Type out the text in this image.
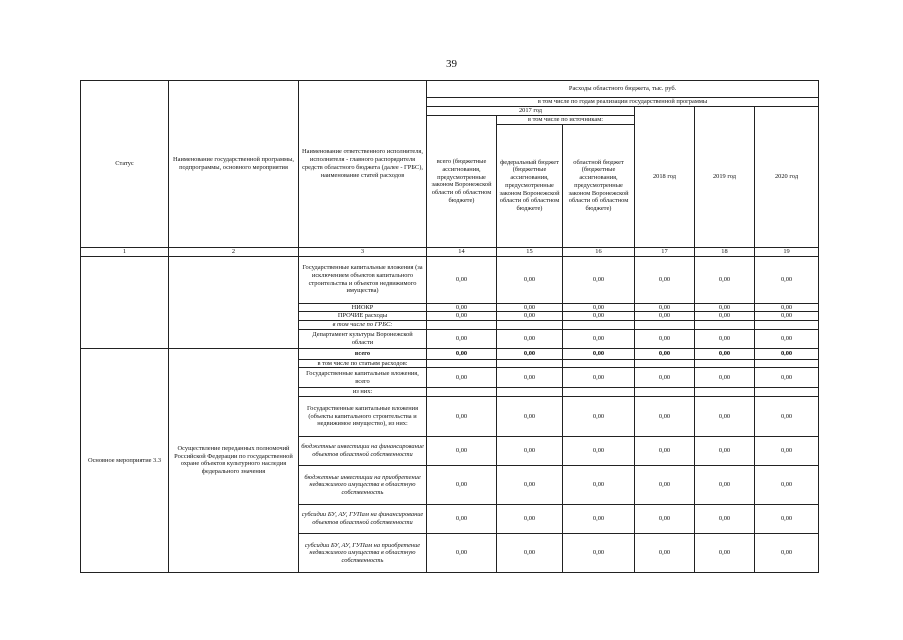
39
Статус	Наименование государственной программы, подпрограммы, основного мероприятия	Наименование ответственного исполнителя, исполнителя - главного распорядителя средств областного бюджета (далее - ГРБС), наименование статей расходов	Расходы областного бюджета, тыс. руб.					
			в том числе по годам реализации государственной программы					
			2017 год			2018 год	2019 год	2020 год
			всего (бюджетные ассигнования, предусмотренные законом Воронежской области об областном бюджете)	в том числе по источникам:				
				федеральный бюджет (бюджетные ассигнования, предусмотренные законом Воронежской области об областном бюджете)	областной бюджет (бюджетные ассигнования, предусмотренные законом Воронежской области об областном бюджете)			
1	2	3	14	15	16	17	18	19
		Государственные капитальные вложения (за исключением объектов капитального строительства и объектов недвижимого имущества)	0,00	0,00	0,00	0,00	0,00	0,00
		НИОКР	0,00	0,00	0,00	0,00	0,00	0,00
		ПРОЧИЕ расходы	0,00	0,00	0,00	0,00	0,00	0,00
		в том числе по ГРБС:						
		Департамент культуры Воронежской области	0,00	0,00	0,00	0,00	0,00	0,00
Основное мероприятие 3.3	Осуществление переданных полномочий Российской Федерации по государственной охране объектов культурного наследия федерального значения	всего	0,00	0,00	0,00	0,00	0,00	0,00
		в том числе по статьям расходов:						
		Государственные капитальные вложения, всего	0,00	0,00	0,00	0,00	0,00	0,00
		из них:						
		Государственные капитальные вложения (объекты капитального строительства и недвижимое имущество), из них:	0,00	0,00	0,00	0,00	0,00	0,00
		бюджетные инвестиции на финансирование объектов областной собственности	0,00	0,00	0,00	0,00	0,00	0,00
		бюджетные инвестиции на приобретение недвижимого имущества в областную собственность	0,00	0,00	0,00	0,00	0,00	0,00
		субсидии БУ, АУ, ГУПам на финансирование объектов областной собственности	0,00	0,00	0,00	0,00	0,00	0,00
		субсидии БУ, АУ, ГУПам на приобретение недвижимого имущества в областную собственность	0,00	0,00	0,00	0,00	0,00	0,00
